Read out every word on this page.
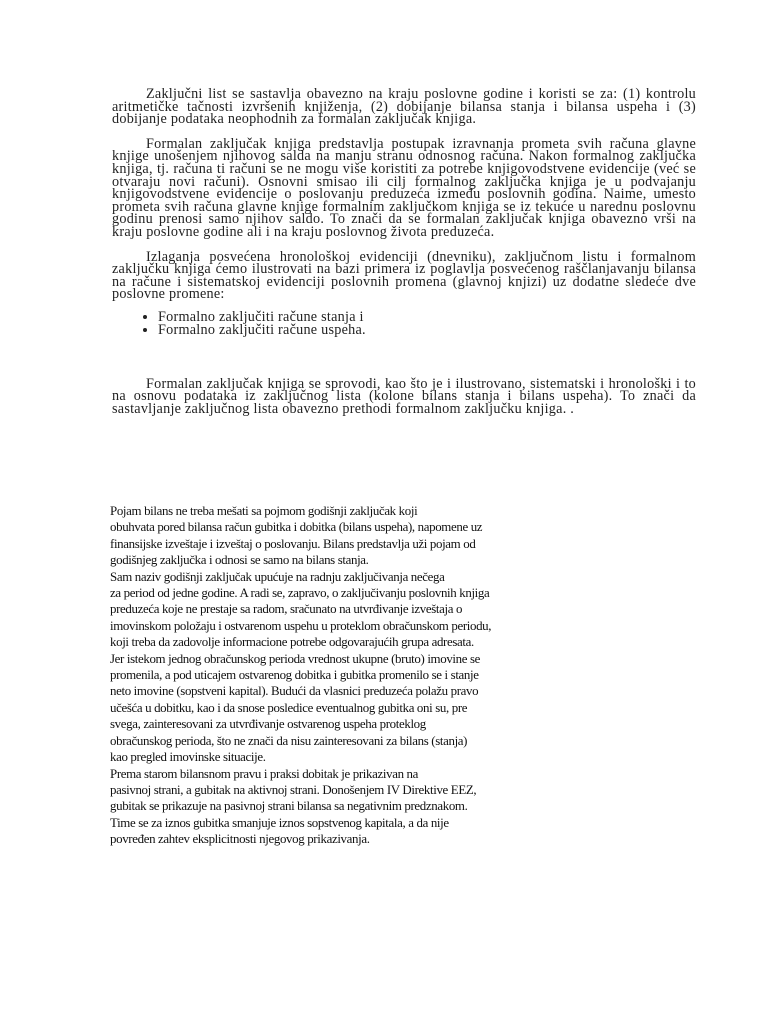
Zaključni list se sastavlja obavezno na kraju poslovne godine i koristi se za: (1) kontrolu aritmetičke tačnosti izvršenih knjiženja, (2) dobijanje bilansa stanja i bilansa uspeha i (3) dobijanje podataka neophodnih za formalan zaključak knjiga.

Formalan zaključak knjiga predstavlja postupak izravnanja prometa svih računa glavne knjige unošenjem njihovog salda na manju stranu odnosnog računa. Nakon formalnog zaključka knjiga, tj. računa ti računi se ne mogu više koristiti za potrebe knjigovodstvene evidencije (već se otvaraju novi računi). Osnovni smisao ili cilj formalnog zaključka knjiga je u podvajanju knjigovodstvene evidencije o poslovanju preduzeća između poslovnih godina. Naime, umesto prometa svih računa glavne knjige formalnim zaključkom knjiga se iz tekuće u narednu poslovnu godinu prenosi samo njihov saldo. To znači da se formalan zaključak knjiga obavezno vrši na kraju poslovne godine ali i na kraju poslovnog života preduzeća.

Izlaganja posvećena hronološkoj evidenciji (dnevniku), zaključnom listu i formalnom zaključku knjiga ćemo ilustrovati na bazi primera iz poglavlja posvećenog raščlanjavanju bilansa na račune i sistematskoj evidenciji poslovnih promena (glavnoj knjizi) uz dodatne sledeće dve poslovne promene:

• Formalno zaključiti račune stanja i
• Formalno zaključiti račune uspeha.

Formalan zaključak knjiga se sprovodi, kao što je i ilustrovano, sistematski i hronološki i to na osnovu podataka iz zaključnog lista (kolone bilans stanja i bilans uspeha). To znači da sastavljanje zaključnog lista obavezno prethodi formalnom zaključku knjiga. .

Pojam bilans ne treba mešati sa pojmom godišnji zaključak koji
obuhvata pored bilansa račun gubitka i dobitka (bilans uspeha), napomene uz
finansijske izveštaje i izveštaj o poslovanju. Bilans predstavlja uži pojam od
godišnjeg zaključka i odnosi se samo na bilans stanja.
Sam naziv godišnji zaključak upućuje na radnju zaključivanja nečega
za period od jedne godine. A radi se, zapravo, o zaključivanju poslovnih knjiga
preduzeća koje ne prestaje sa radom, sračunato na utvrđivanje izveštaja o
imovinskom položaju i ostvarenom uspehu u proteklom obračunskom periodu,
koji treba da zadovolje informacione potrebe odgovarajućih grupa adresata.
Jer istekom jednog obračunskog perioda vrednost ukupne (bruto) imovine se
promenila, a pod uticajem ostvarenog dobitka i gubitka promenilo se i stanje
neto imovine (sopstveni kapital). Budući da vlasnici preduzeća polažu pravo
učešća u dobitku, kao i da snose posledice eventualnog gubitka oni su, pre
svega, zainteresovani za utvrđivanje ostvarenog uspeha proteklog
obračunskog perioda, što ne znači da nisu zainteresovani za bilans (stanja)
kao pregled imovinske situacije.
Prema starom bilansnom pravu i praksi dobitak je prikazivan na
pasivnoj strani, a gubitak na aktivnoj strani. Donošenjem IV Direktive EEZ,
gubitak se prikazuje na pasivnoj strani bilansa sa negativnim predznakom.
Time se za iznos gubitka smanjuje iznos sopstvenog kapitala, a da nije
povređen zahtev eksplicitnosti njegovog prikazivanja.
